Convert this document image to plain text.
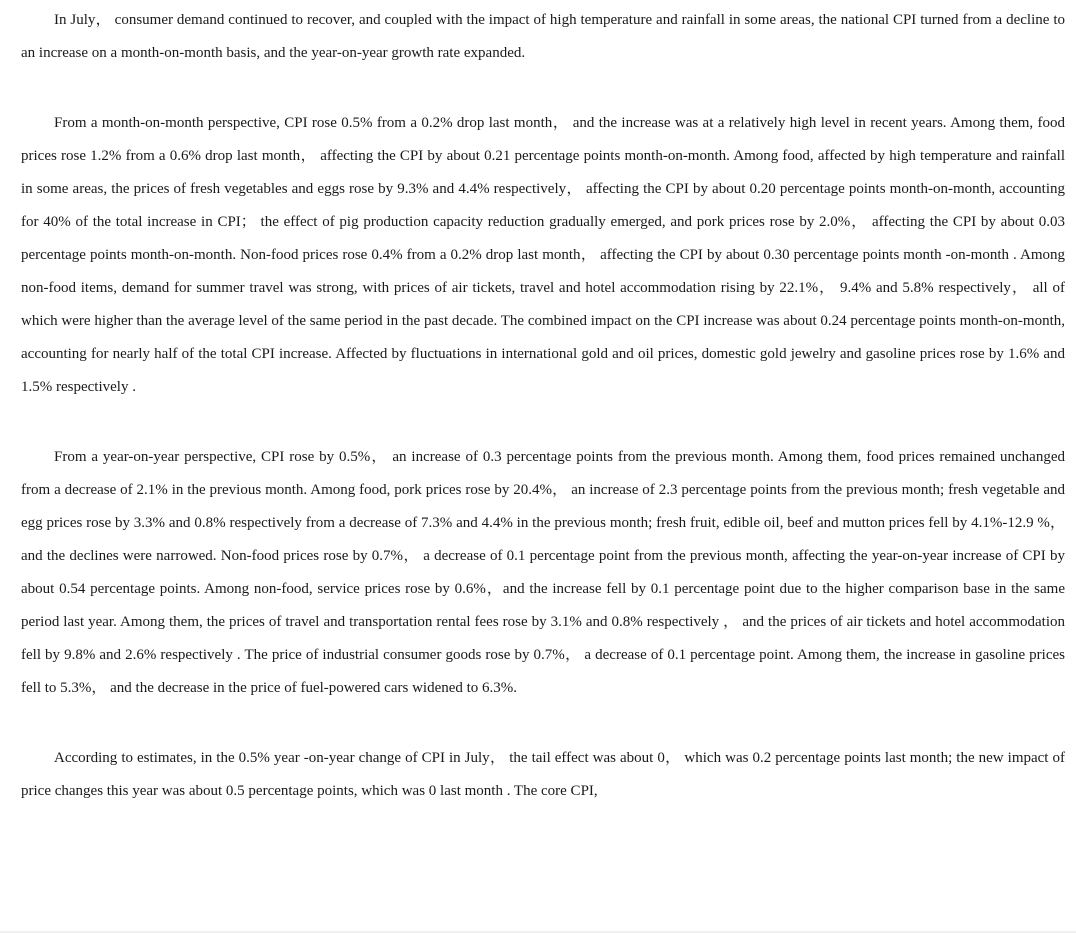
In July， consumer demand continued to recover, and coupled with the impact of high temperature and rainfall in some areas, the national CPI turned from a decline to an increase on a month-on-month basis, and the year-on-year growth rate expanded.

From a month-on-month perspective, CPI rose 0.5% from a 0.2% drop last month， and the increase was at a relatively high level in recent years. Among them, food prices rose 1.2% from a 0.6% drop last month， affecting the CPI by about 0.21 percentage points month-on-month. Among food, affected by high temperature and rainfall in some areas, the prices of fresh vegetables and eggs rose by 9.3% and 4.4% respectively， affecting the CPI by about 0.20 percentage points month-on-month, accounting for 40% of the total increase in CPI； the effect of pig production capacity reduction gradually emerged, and pork prices rose by 2.0%， affecting the CPI by about 0.03 percentage points month-on-month. Non-food prices rose 0.4% from a 0.2% drop last month， affecting the CPI by about 0.30 percentage points month -on-month . Among non-food items, demand for summer travel was strong, with prices of air tickets, travel and hotel accommodation rising by 22.1%， 9.4% and 5.8% respectively， all of which were higher than the average level of the same period in the past decade. The combined impact on the CPI increase was about 0.24 percentage points month-on-month, accounting for nearly half of the total CPI increase. Affected by fluctuations in international gold and oil prices, domestic gold jewelry and gasoline prices rose by 1.6% and 1.5% respectively .

From a year-on-year perspective, CPI rose by 0.5%， an increase of 0.3 percentage points from the previous month. Among them, food prices remained unchanged from a decrease of 2.1% in the previous month. Among food, pork prices rose by 20.4%， an increase of 2.3 percentage points from the previous month; fresh vegetable and egg prices rose by 3.3% and 0.8% respectively from a decrease of 7.3% and 4.4% in the previous month; fresh fruit, edible oil, beef and mutton prices fell by 4.1%-12.9 %， and the declines were narrowed. Non-food prices rose by 0.7%， a decrease of 0.1 percentage point from the previous month, affecting the year-on-year increase of CPI by about 0.54 percentage points. Among non-food, service prices rose by 0.6%，and the increase fell by 0.1 percentage point due to the higher comparison base in the same period last year. Among them, the prices of travel and transportation rental fees rose by 3.1% and 0.8% respectively ， and the prices of air tickets and hotel accommodation fell by 9.8% and 2.6% respectively . The price of industrial consumer goods rose by 0.7%， a decrease of 0.1 percentage point. Among them, the increase in gasoline prices fell to 5.3%， and the decrease in the price of fuel-powered cars widened to 6.3%.

According to estimates, in the 0.5% year -on-year change of CPI in July， the tail effect was about 0， which was 0.2 percentage points last month; the new impact of price changes this year was about 0.5 percentage points, which was 0 last month . The core CPI,
